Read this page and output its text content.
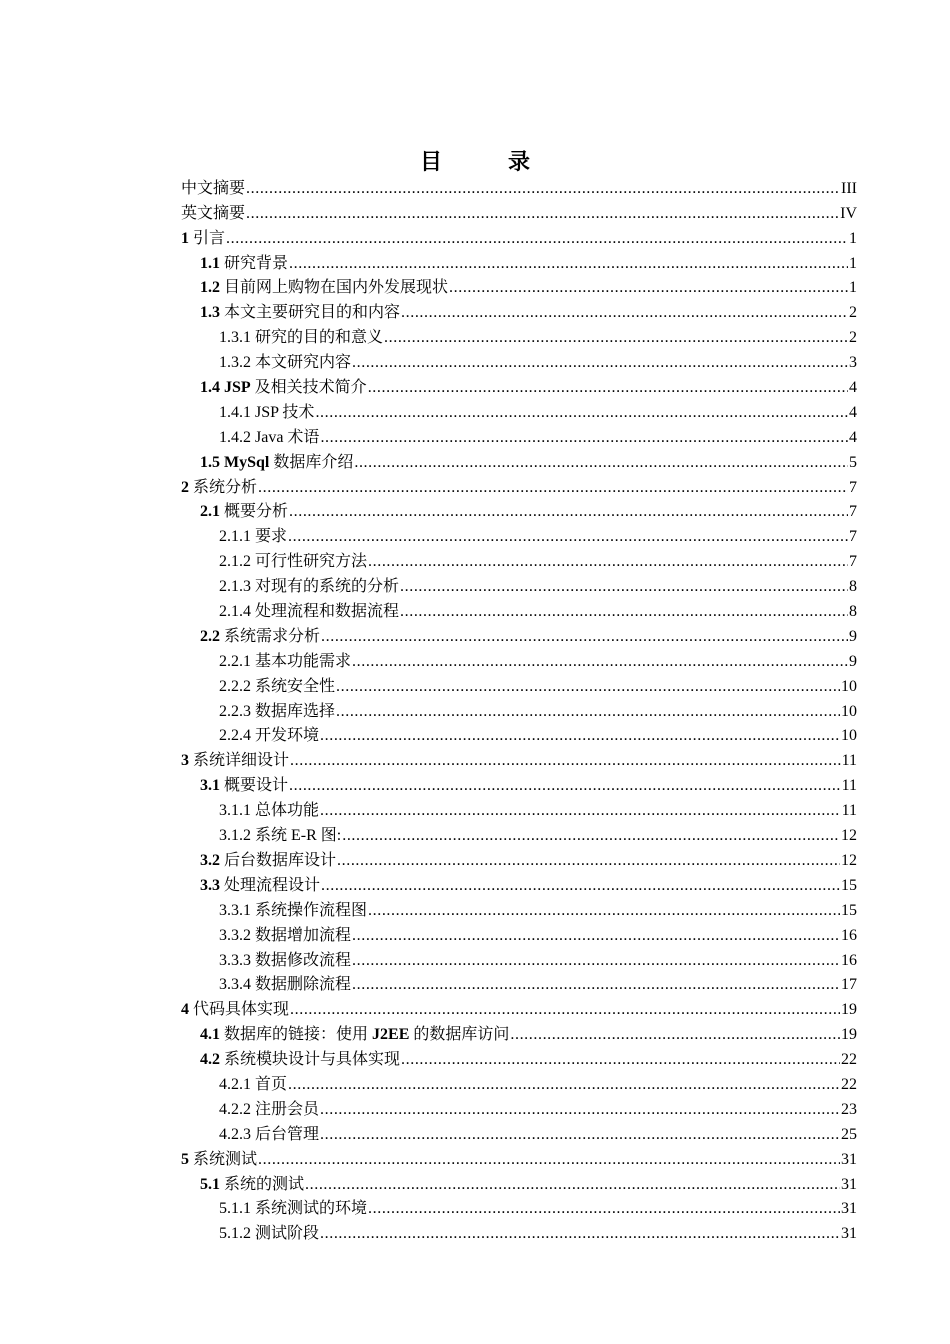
目　录
中文摘要 .....	III
英文摘要 .....	IV
1 引言 .....	1
1.1 研究背景 .....	1
1.2 目前网上购物在国内外发展现状 .....	1
1.3 本文主要研究目的和内容 .....	2
1.3.1 研究的目的和意义 .....	2
1.3.2 本文研究内容 .....	3
1.4 JSP 及相关技术简介 .....	4
1.4.1 JSP 技术 .....	4
1.4.2 Java 术语 .....	4
1.5 MySql 数据库介绍 .....	5
2 系统分析 .....	7
2.1 概要分析 .....	7
2.1.1 要求 .....	7
2.1.2 可行性研究方法 .....	7
2.1.3 对现有的系统的分析 .....	8
2.1.4 处理流程和数据流程 .....	8
2.2 系统需求分析 .....	9
2.2.1 基本功能需求 .....	9
2.2.2 系统安全性 .....	10
2.2.3 数据库选择 .....	10
2.2.4 开发环境 .....	10
3 系统详细设计 .....	11
3.1 概要设计 .....	11
3.1.1 总体功能 .....	11
3.1.2 系统 E-R 图: .....	12
3.2 后台数据库设计 .....	12
3.3 处理流程设计 .....	15
3.3.1 系统操作流程图 .....	15
3.3.2 数据增加流程 .....	16
3.3.3 数据修改流程 .....	16
3.3.4 数据删除流程 .....	17
4 代码具体实现 .....	19
4.1 数据库的链接：使用 J2EE 的数据库访问 .....	19
4.2 系统模块设计与具体实现 .....	22
4.2.1 首页 .....	22
4.2.2 注册会员 .....	23
4.2.3 后台管理 .....	25
5 系统测试 .....	31
5.1 系统的测试 .....	31
5.1.1 系统测试的环境 .....	31
5.1.2 测试阶段 .....	31
